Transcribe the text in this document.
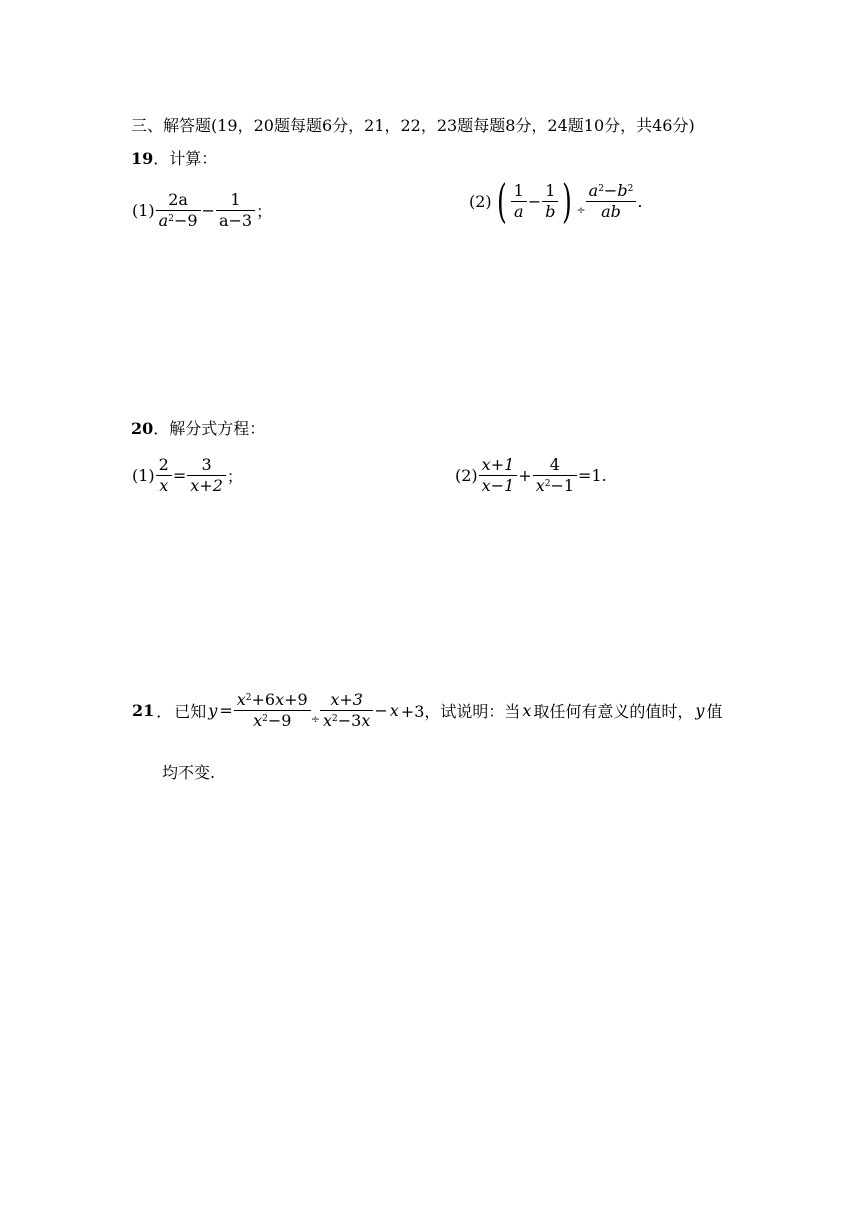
三、解答题(19，20题每题6分，21，22，23题每题8分，24题10分，共46分)
19．计算：
$(1) \frac{2a}{a^2-9} - \frac{1}{a-3}$ ；
(2) ( $\frac{1}{a} - \frac{1}{b}$ ) ÷ $\frac{a^2-b^2}{ab}$ .
20．解分式方程：
$(1) \frac{2}{x} = \frac{3}{x+2}$ ；	$(2) \frac{x+1}{x-1} + \frac{4}{x^2-1} =1$.
21 ． 已知 $y = \frac{x^2+6x+9}{x^2-9} \div \frac{x+3}{x^2-3x} - x +3$，试说明：当 x 取任何有意义的值时， y 值
均不变.
